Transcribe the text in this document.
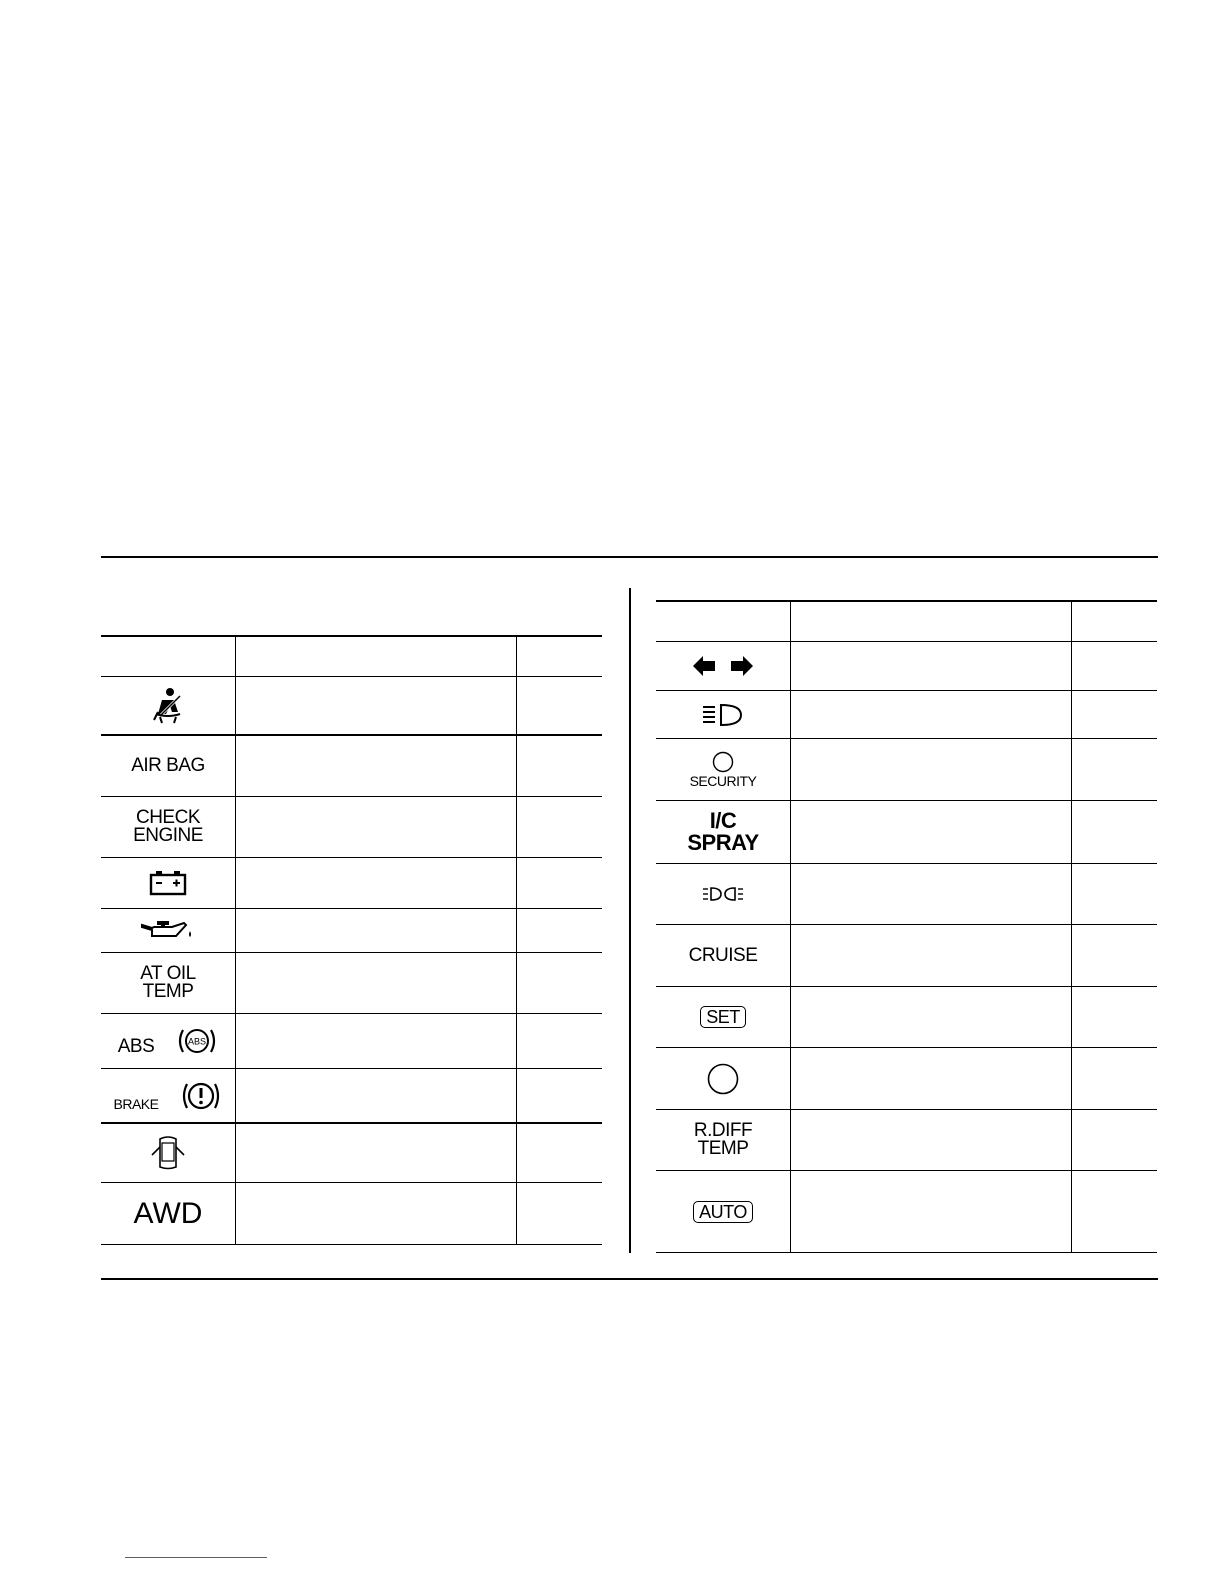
AIR BAG
CHECK
ENGINE
AT OIL
TEMP
ABS	ABS
BRAKE
AWD
SECURITY
I/C
SPRAY
CRUISE
SET
R.DIFF
TEMP
AUTO
